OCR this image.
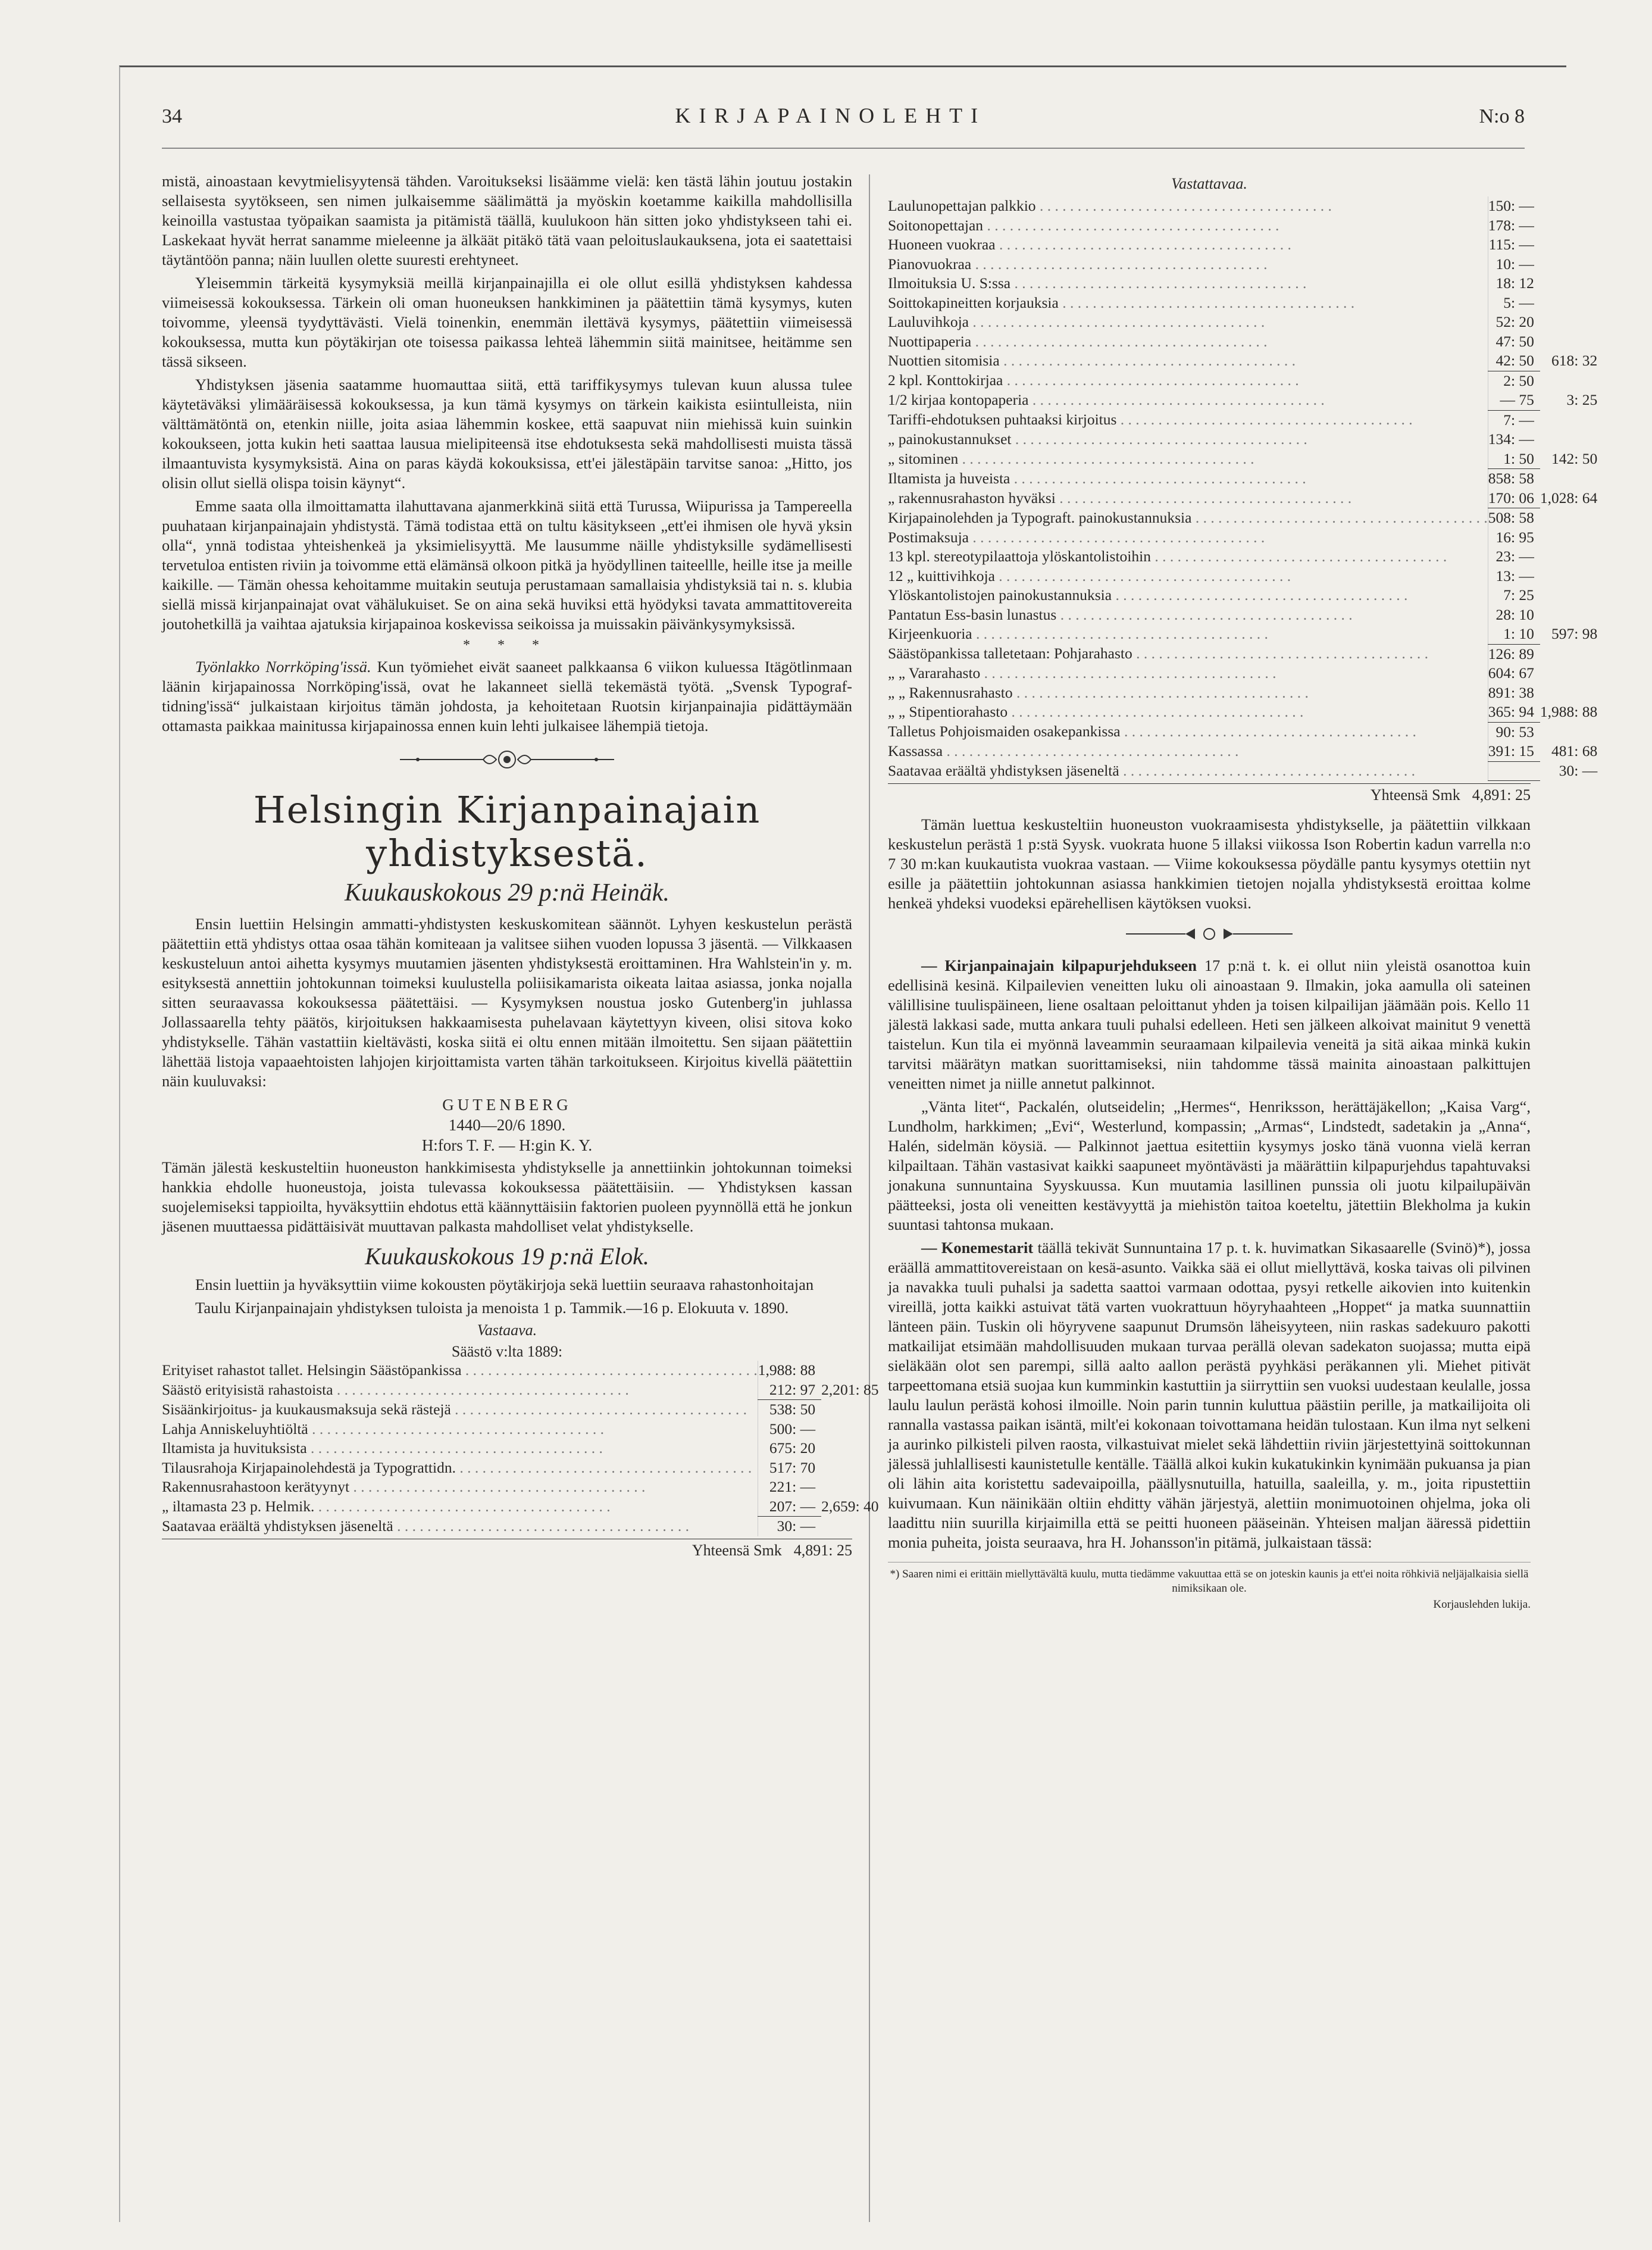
34	KIRJAPAINOLEHTI	N:o 8

mistä, ainoastaan kevytmielisyytensä tähden. Varoitukseksi lisäämme vielä: ken tästä lähin joutuu jostakin sellaisesta syytökseen, sen nimen julkaisemme säälimättä ja myöskin koetamme kaikilla mahdollisilla keinoilla vastustaa työpaikan saamista ja pitämistä täällä, kuulukoon hän sitten joko yhdistykseen tahi ei. Laskekaat hyvät herrat sanamme mieleenne ja älkäät pitäkö tätä vaan peloituslaukauksena, jota ei saatettaisi täytäntöön panna; näin luullen olette suuresti erehtyneet.

Yleisemmin tärkeitä kysymyksiä meillä kirjanpainajilla ei ole ollut esillä yhdistyksen kahdessa viimeisessä kokouksessa. Tärkein oli oman huoneuksen hankkiminen ja päätettiin tämä kysymys, kuten toivomme, yleensä tyydyttävästi. Vielä toinenkin, enemmän ilettävä kysymys, päätettiin viimeisessä kokouksessa, mutta kun pöytäkirjan ote toisessa paikassa lehteä lähemmin siitä mainitsee, heitämme sen tässä sikseen.

Yhdistyksen jäsenia saatamme huomauttaa siitä, että tariffikysymys tulevan kuun alussa tulee käytetäväksi ylimääräisessä kokouksessa, ja kun tämä kysymys on tärkein kaikista esiintulleista, niin välttämätöntä on, etenkin niille, joita asiaa lähemmin koskee, että saapuvat niin miehissä kuin suinkin kokoukseen, jotta kukin heti saattaa lausua mielipiteensä itse ehdotuksesta sekä mahdollisesti muista tässä ilmaantuvista kysymyksistä. Aina on paras käydä kokouksissa, ett'ei jälestäpäin tarvitse sanoa: „Hitto, jos olisin ollut siellä olispa toisin käynyt“.

Emme saata olla ilmoittamatta ilahuttavana ajanmerkkinä siitä että Turussa, Wiipurissa ja Tampereella puuhataan kirjanpainajain yhdistystä. Tämä todistaa että on tultu käsitykseen „ett'ei ihmisen ole hyvä yksin olla“, ynnä todistaa yhteishenkeä ja yksimielisyyttä. Me lausumme näille yhdistyksille sydämellisesti tervetuloa entisten riviin ja toivomme että elämänsä olkoon pitkä ja hyödyllinen taiteellle, heille itse ja meille kaikille. — Tämän ohessa kehoitamme muitakin seutuja perustamaan samallaisia yhdistyksiä tai n. s. klubia siellä missä kirjanpainajat ovat vähälukuiset. Se on aina sekä huviksi että hyödyksi tavata ammattitovereita joutohetkillä ja vaihtaa ajatuksia kirjapainoa koskevissa seikoissa ja muissakin päivänkysymyksissä.

* * *

Työnlakko Norrköping'issä. Kun työmiehet eivät saaneet palkkaansa 6 viikon kuluessa Itägötlinmaan läänin kirjapainossa Norrköping'issä, ovat he lakanneet siellä tekemästä työtä. „Svensk Typograf-tidning'issä“ julkaistaan kirjoitus tämän johdosta, ja kehoitetaan Ruotsin kirjanpainajia pidättäymään ottamasta paikkaa mainitussa kirjapainossa ennen kuin lehti julkaisee lähempiä tietoja.

Helsingin Kirjanpainajain yhdistyksestä.
Kuukauskokous 29 p:nä Heinäk.

Ensin luettiin Helsingin ammatti-yhdistysten keskuskomitean säännöt. Lyhyen keskustelun perästä päätettiin että yhdistys ottaa osaa tähän komiteaan ja valitsee siihen vuoden lopussa 3 jäsentä. — Vilkkaasen keskusteluun antoi aihetta kysymys muutamien jäsenten yhdistyksestä eroittaminen. Hra Wahlstein'in y. m. esityksestä annettiin johtokunnan toimeksi kuulustella poliisikamarista oikeata laitaa asiassa, jonka nojalla sitten seuraavassa kokouksessa päätettäisi. — Kysymyksen noustua josko Gutenberg'in juhlassa Jollassaarella tehty päätös, kirjoituksen hakkaamisesta puhelavaan käytettyyn kiveen, olisi sitova koko yhdistykselle. Tähän vastattiin kieltävästi, koska siitä ei oltu ennen mitään ilmoitettu. Sen sijaan päätettiin lähettää listoja vapaaehtoisten lahjojen kirjoittamista varten tähän tarkoitukseen. Kirjoitus kivellä päätettiin näin kuuluvaksi:

GUTENBERG
1440—20/6 1890.
H:fors T. F. — H:gin K. Y.

Tämän jälestä keskusteltiin huoneuston hankkimisesta yhdistykselle ja annettiinkin johtokunnan toimeksi hankkia ehdolle huoneustoja, joista tulevassa kokouksessa päätettäisiin. — Yhdistyksen kassan suojelemiseksi tappioilta, hyväksyttiin ehdotus että käännyttäisiin faktorien puoleen pyynnöllä että he jonkun jäsenen muuttaessa pidättäisivät muuttavan palkasta mahdolliset velat yhdistykselle.

Kuukauskokous 19 p:nä Elok.

Ensin luettiin ja hyväksyttiin viime kokousten pöytäkirjoja sekä luettiin seuraava rahastonhoitajan

Taulu Kirjanpainajain yhdistyksen tuloista ja menoista 1 p. Tammik.—16 p. Elokuuta v. 1890.

Vastaava.
Säästö v:lta 1889:
Erityiset rahastot tallet. Helsingin Säästöpankissa . . .	1,988: 88	
Säästö erityisistä rahastoista . . .	212: 97	2,201: 85
Sisäänkirjoitus- ja kuukausmaksuja sekä rästejä . . .	538: 50	
Lahja Anniskeluyhtiöltä . . .	500: —	
Iltamista ja huvituksista . . .	675: 20	
Tilausrahoja Kirjapainolehdestä ja Typograttidn. . . .	517: 70	
Rakennusrahastoon kerätyynyt . . .	221: —	
„ iltamasta 23 p. Helmik. . . .	207: —	2,659: 40
Saatavaa eräältä yhdistyksen jäseneltä . . .	30: —	
Yhteensä Smk 4,891: 25
Vastattavaa.
Laulunopettajan palkkio . . .	150: —	
Soitonopettajan . . .	178: —	
Huoneen vuokraa . . .	115: —	
Pianovuokraa . . .	10: —	
Ilmoituksia U. S:ssa . . .	18: 12	
Soittokapineitten korjauksia . . .	5: —	
Lauluvihkoja . . .	52: 20	
Nuottipaperia . . .	47: 50	
Nuottien sitomisia . . .	42: 50	618: 32
2 kpl. Konttokirjaa . . .	2: 50	
1/2 kirjaa kontopaperia . . .	— 75	3: 25
Tariffi-ehdotuksen puhtaaksi kirjoitus . . .	7: —	
„ painokustannukset . . .	134: —	
„ sitominen . . .	1: 50	142: 50
Iltamista ja huveista . . .	858: 58	
„ rakennusrahaston hyväksi . . .	170: 06	1,028: 64
Kirjapainolehden ja Typograft. painokustannuksia . . .	508: 58	
Postimaksuja . . .	16: 95	
13 kpl. stereotypilaattoja ylöskantolistoihin . . .	23: —	
12 „ kuittivihkoja . . .	13: —	
Ylöskantolistojen painokustannuksia . . .	7: 25	
Pantatun Ess-basin lunastus . . .	28: 10	
Kirjeenkuoria . . .	1: 10	597: 98
Säästöpankissa talletetaan: Pohjarahasto . . .	126: 89	
„ „ Vararahasto . . .	604: 67	
„ „ Rakennusrahasto . . .	891: 38	
„ „ Stipentiorahasto . . .	365: 94	1,988: 88
Talletus Pohjoismaiden osakepankissa . . .	90: 53	
Kassassa . . .	391: 15	481: 68
Saatavaa eräältä yhdistyksen jäseneltä . . .		30: —
Yhteensä Smk 4,891: 25

Tämän luettua keskusteltiin huoneuston vuokraamisesta yhdistykselle, ja päätettiin vilkkaan keskustelun perästä 1 p:stä Syysk. vuokrata huone 5 illaksi viikossa Ison Robertin kadun varrella n:o 7 30 m:kan kuukautista vuokraa vastaan. — Viime kokouksessa pöydälle pantu kysymys otettiin nyt esille ja päätettiin johtokunnan asiassa hankkimien tietojen nojalla yhdistyksestä eroittaa kolme henkeä yhdeksi vuodeksi epärehellisen käytöksen vuoksi.

— Kirjanpainajain kilpapurjehdukseen 17 p:nä t. k. ei ollut niin yleistä osanottoa kuin edellisinä kesinä. Kilpailevien veneitten luku oli ainoastaan 9. Ilmakin, joka aamulla oli sateinen välillisine tuulispäineen, liene osaltaan peloittanut yhden ja toisen kilpailijan jäämään pois. Kello 11 jälestä lakkasi sade, mutta ankara tuuli puhalsi edelleen. Heti sen jälkeen alkoivat mainitut 9 venettä taistelun. Kun tila ei myönnä laveammin seuraamaan kilpailevia veneitä ja sitä aikaa minkä kukin tarvitsi määrätyn matkan suorittamiseksi, niin tahdomme tässä mainita ainoastaan palkittujen veneitten nimet ja niille annetut palkinnot.

„Vänta litet“, Packalén, olutseidelin; „Hermes“, Henriksson, herättäjäkellon; „Kaisa Varg“, Lundholm, harkkimen; „Evi“, Westerlund, kompassin; „Armas“, Lindstedt, sadetakin ja „Anna“, Halén, sidelmän köysiä. — Palkinnot jaettua esitettiin kysymys josko tänä vuonna vielä kerran kilpailtaan. Tähän vastasivat kaikki saapuneet myöntävästi ja määrättiin kilpapurjehdus tapahtuvaksi jonakuna sunnuntaina Syyskuussa. Kun muutamia lasillinen punssia oli juotu kilpailupäivän päätteeksi, josta oli veneitten kestävyyttä ja miehistön taitoa koeteltu, jätettiin Blekholma ja kukin suuntasi tahtonsa mukaan.

— Konemestarit täällä tekivät Sunnuntaina 17 p. t. k. huvimatkan Sikasaarelle (Svinö)*), jossa eräällä ammattitovereistaan on kesä-asunto. Vaikka sää ei ollut miellyttävä, koska taivas oli pilvinen ja navakka tuuli puhalsi ja sadetta saattoi varmaan odottaa, pysyi retkelle aikovien into kuitenkin vireillä, jotta kaikki astuivat tätä varten vuokrattuun höyryhaahteen „Hoppet“ ja matka suunnattiin länteen päin. Tuskin oli höyryvene saapunut Drumsön läheisyyteen, niin raskas sadekuuro pakotti matkailijat etsimään mahdollisuuden mukaan turvaa perällä olevan sadekaton suojassa; mutta eipä sieläkään olot sen parempi, sillä aalto aallon perästä pyyhkäsi peräkannen yli. Miehet pitivät tarpeettomana etsiä suojaa kun kumminkin kastuttiin ja siirryttiin sen vuoksi uudestaan keulalle, jossa laulu laulun perästä kohosi ilmoille. Noin parin tunnin kuluttua päästiin perille, ja matkailijoita oli rannalla vastassa paikan isäntä, milt'ei kokonaan toivottamana heidän tulostaan. Kun ilma nyt selkeni ja aurinko pilkisteli pilven raosta, vilkastuivat mielet sekä lähdettiin riviin järjestettyinä soittokunnan jälessä juhlallisesti kaunistetulle kentälle. Täällä alkoi kukin kukatukinkin kynimään pukuansa ja pian oli lähin aita koristettu sadevaipoilla, päällysnutuilla, hatuilla, saaleilla, y. m., joita ripustettiin kuivumaan. Kun näinikään oltiin ehditty vähän järjestyä, alettiin monimuotoinen ohjelma, joka oli laadittu niin suurilla kirjaimilla että se peitti huoneen pääseinän. Yhteisen maljan ääressä pidettiin monia puheita, joista seuraava, hra H. Johansson'in pitämä, julkaistaan tässä:

*) Saaren nimi ei erittäin miellyttävältä kuulu, mutta tiedämme vakuuttaa että se on joteskin kaunis ja ett'ei noita röhkiviä neljäjalkaisia siellä nimiksikaan ole.
Korjauslehden lukija.
